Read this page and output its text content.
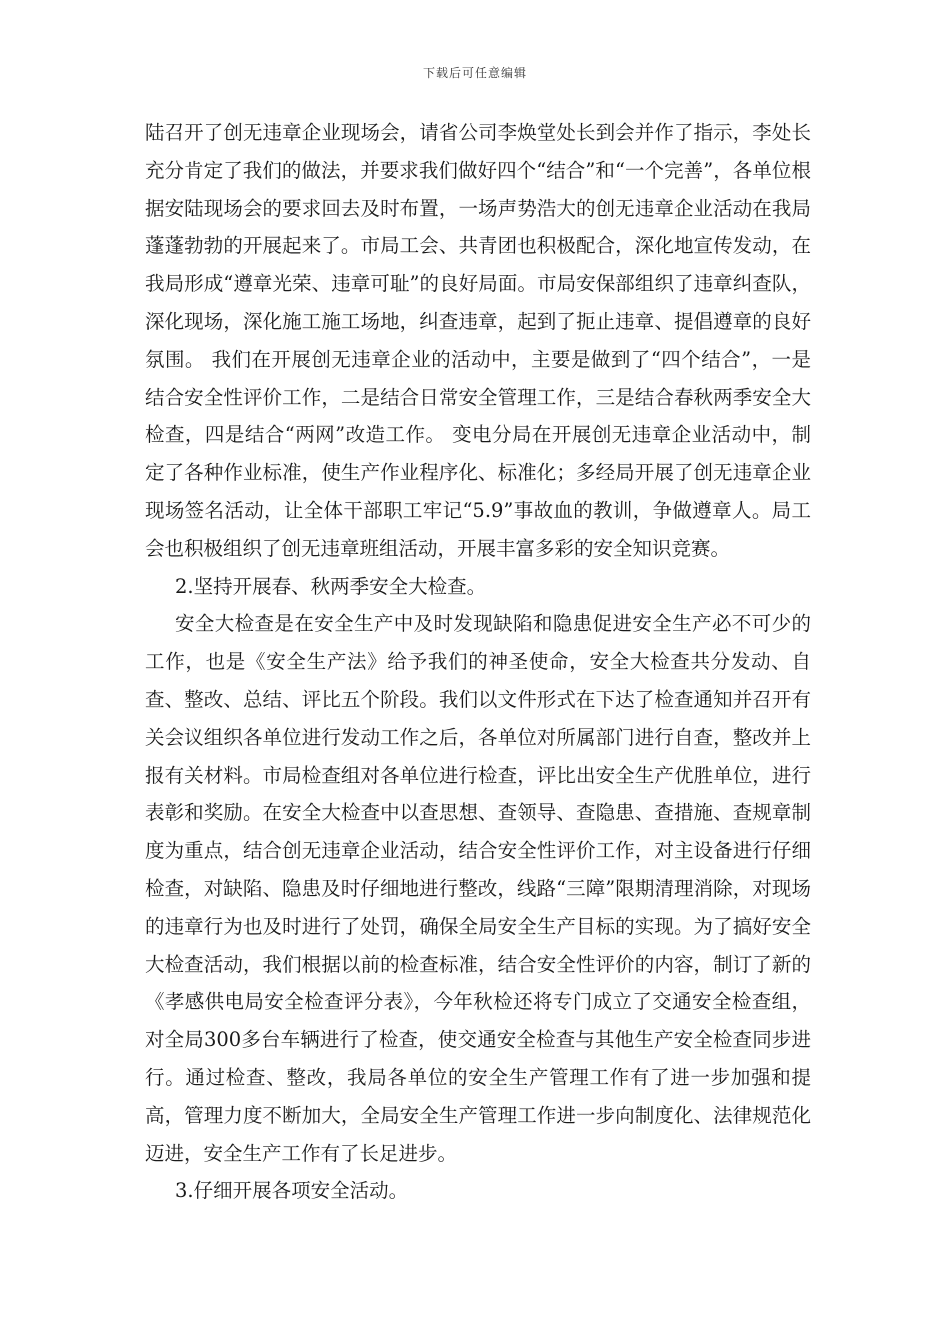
下载后可任意编辑

陆召开了创无违章企业现场会，请省公司李焕堂处长到会并作了指示，李处长充分肯定了我们的做法，并要求我们做好四个“结合”和“一个完善”，各单位根据安陆现场会的要求回去及时布置，一场声势浩大的创无违章企业活动在我局蓬蓬勃勃的开展起来了。市局工会、共青团也积极配合，深化地宣传发动，在我局形成“遵章光荣、违章可耻”的良好局面。市局安保部组织了违章纠查队，深化现场，深化施工施工场地，纠查违章，起到了扼止违章、提倡遵章的良好氛围。 我们在开展创无违章企业的活动中，主要是做到了“四个结合”，一是结合安全性评价工作，二是结合日常安全管理工作，三是结合春秋两季安全大检查，四是结合“两网”改造工作。 变电分局在开展创无违章企业活动中，制定了各种作业标准，使生产作业程序化、标准化；多经局开展了创无违章企业现场签名活动，让全体干部职工牢记“5.9”事故血的教训，争做遵章人。局工会也积极组织了创无违章班组活动，开展丰富多彩的安全知识竞赛。

2.坚持开展春、秋两季安全大检查。

安全大检查是在安全生产中及时发现缺陷和隐患促进安全生产必不可少的工作，也是《安全生产法》给予我们的神圣使命，安全大检查共分发动、自查、整改、总结、评比五个阶段。我们以文件形式在下达了检查通知并召开有关会议组织各单位进行发动工作之后，各单位对所属部门进行自查，整改并上报有关材料。市局检查组对各单位进行检查，评比出安全生产优胜单位，进行表彰和奖励。在安全大检查中以查思想、查领导、查隐患、查措施、查规章制度为重点，结合创无违章企业活动，结合安全性评价工作，对主设备进行仔细检查，对缺陷、隐患及时仔细地进行整改，线路“三障”限期清理消除，对现场的违章行为也及时进行了处罚，确保全局安全生产目标的实现。为了搞好安全大检查活动，我们根据以前的检查标准，结合安全性评价的内容，制订了新的《孝感供电局安全检查评分表》，今年秋检还将专门成立了交通安全检查组，对全局300多台车辆进行了检查，使交通安全检查与其他生产安全检查同步进行。通过检查、整改，我局各单位的安全生产管理工作有了进一步加强和提高，管理力度不断加大，全局安全生产管理工作进一步向制度化、法律规范化迈进，安全生产工作有了长足进步。

3.仔细开展各项安全活动。
